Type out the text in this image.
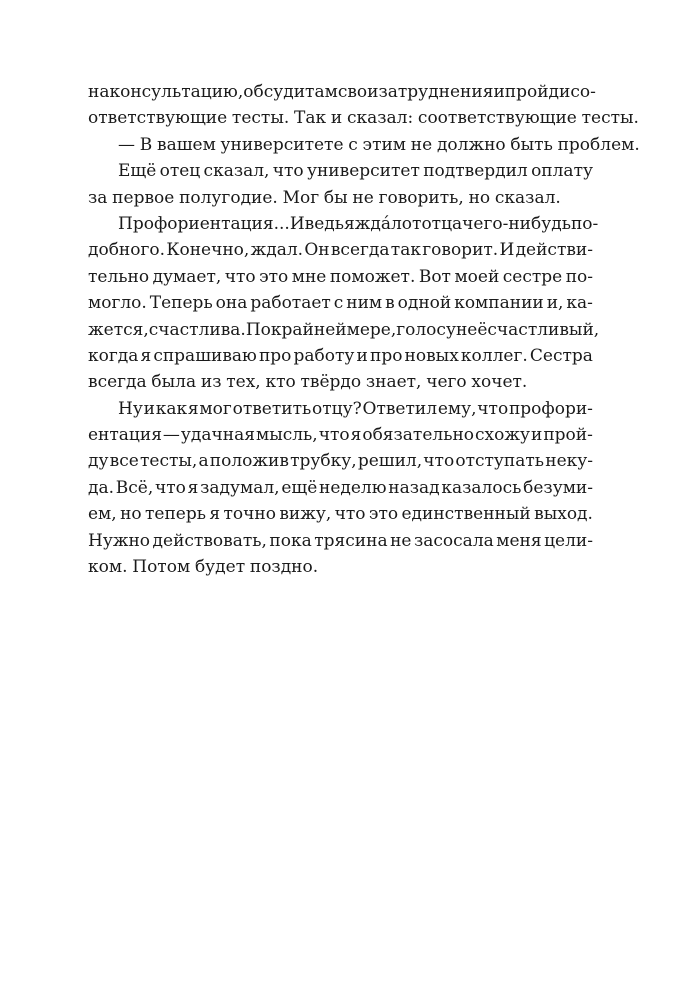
на консультацию, обсуди там свои затруднения и пройди со-
ответствующие тесты. Так и сказал: соответствующие тесты.
— В вашем университете с этим не должно быть проблем.
Ещё отец сказал, что университет подтвердил оплату
за первое полугодие. Мог бы не говорить, но сказал.
Профориентация... И ведь я ждáл от отца чего-нибудь по-
добного. Конечно, ждал. Он всегда так говорит. И действи-
тельно думает, что это мне поможет. Вот моей сестре по-
могло. Теперь она работает с ним в одной компании и, ка-
жется, счастлива. По крайней мере, голос у неё счастливый,
когда я спрашиваю про работу и про новых коллег. Сестра
всегда была из тех, кто твёрдо знает, чего хочет.
Ну и как я мог ответить отцу? Ответил ему, что профори-
ентация — удачная мысль, что я обязательно схожу и прой-
ду все тесты, а положив трубку, решил, что отступать неку-
да. Всё, что я задумал, ещё неделю назад казалось безуми-
ем, но теперь я точно вижу, что это единственный выход.
Нужно действовать, пока трясина не засосала меня цели-
ком. Потом будет поздно.
